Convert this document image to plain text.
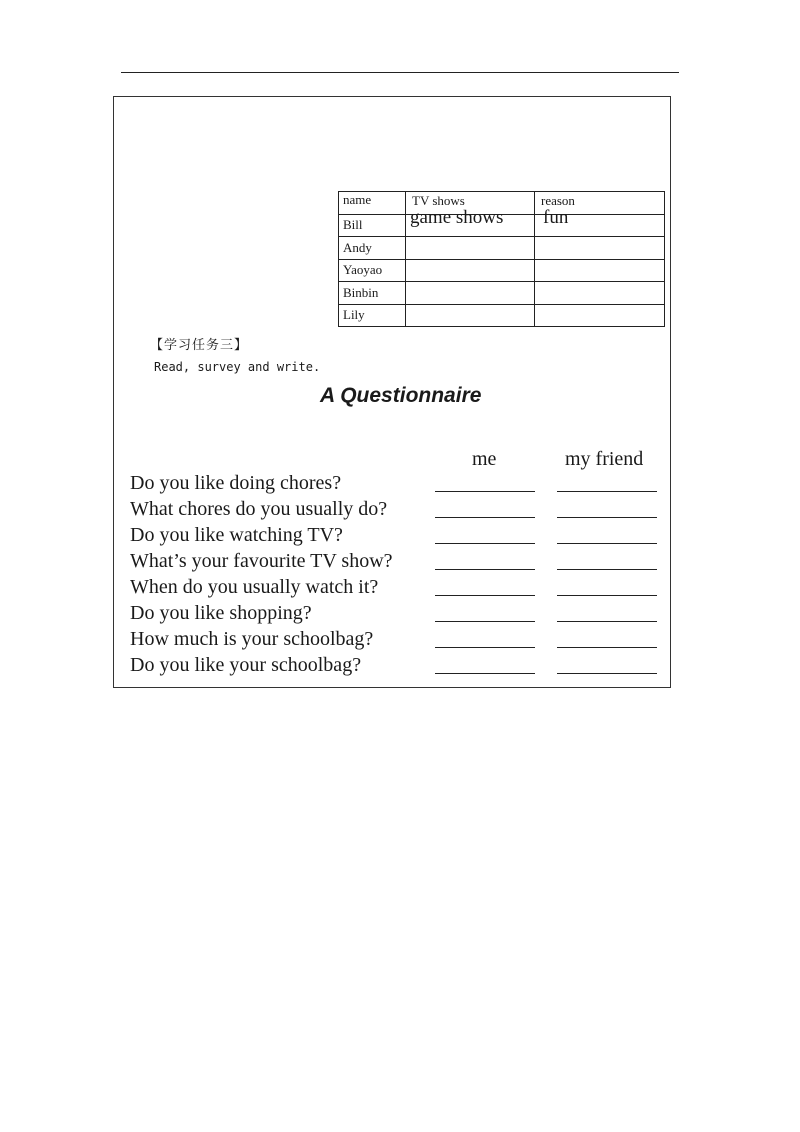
name	TV shows	reason

Bill	game shows	fun
Andy		
Yaoyao		
Binbin		
Lily		
【学习任务三】
Read, survey and write.
A Questionnaire
me	my friend
Do you like doing chores?
What chores do you usually do?
Do you like watching TV?
What’s your favourite TV show?
When do you usually watch it?
Do you like shopping?
How much is your schoolbag?
Do you like your schoolbag?
